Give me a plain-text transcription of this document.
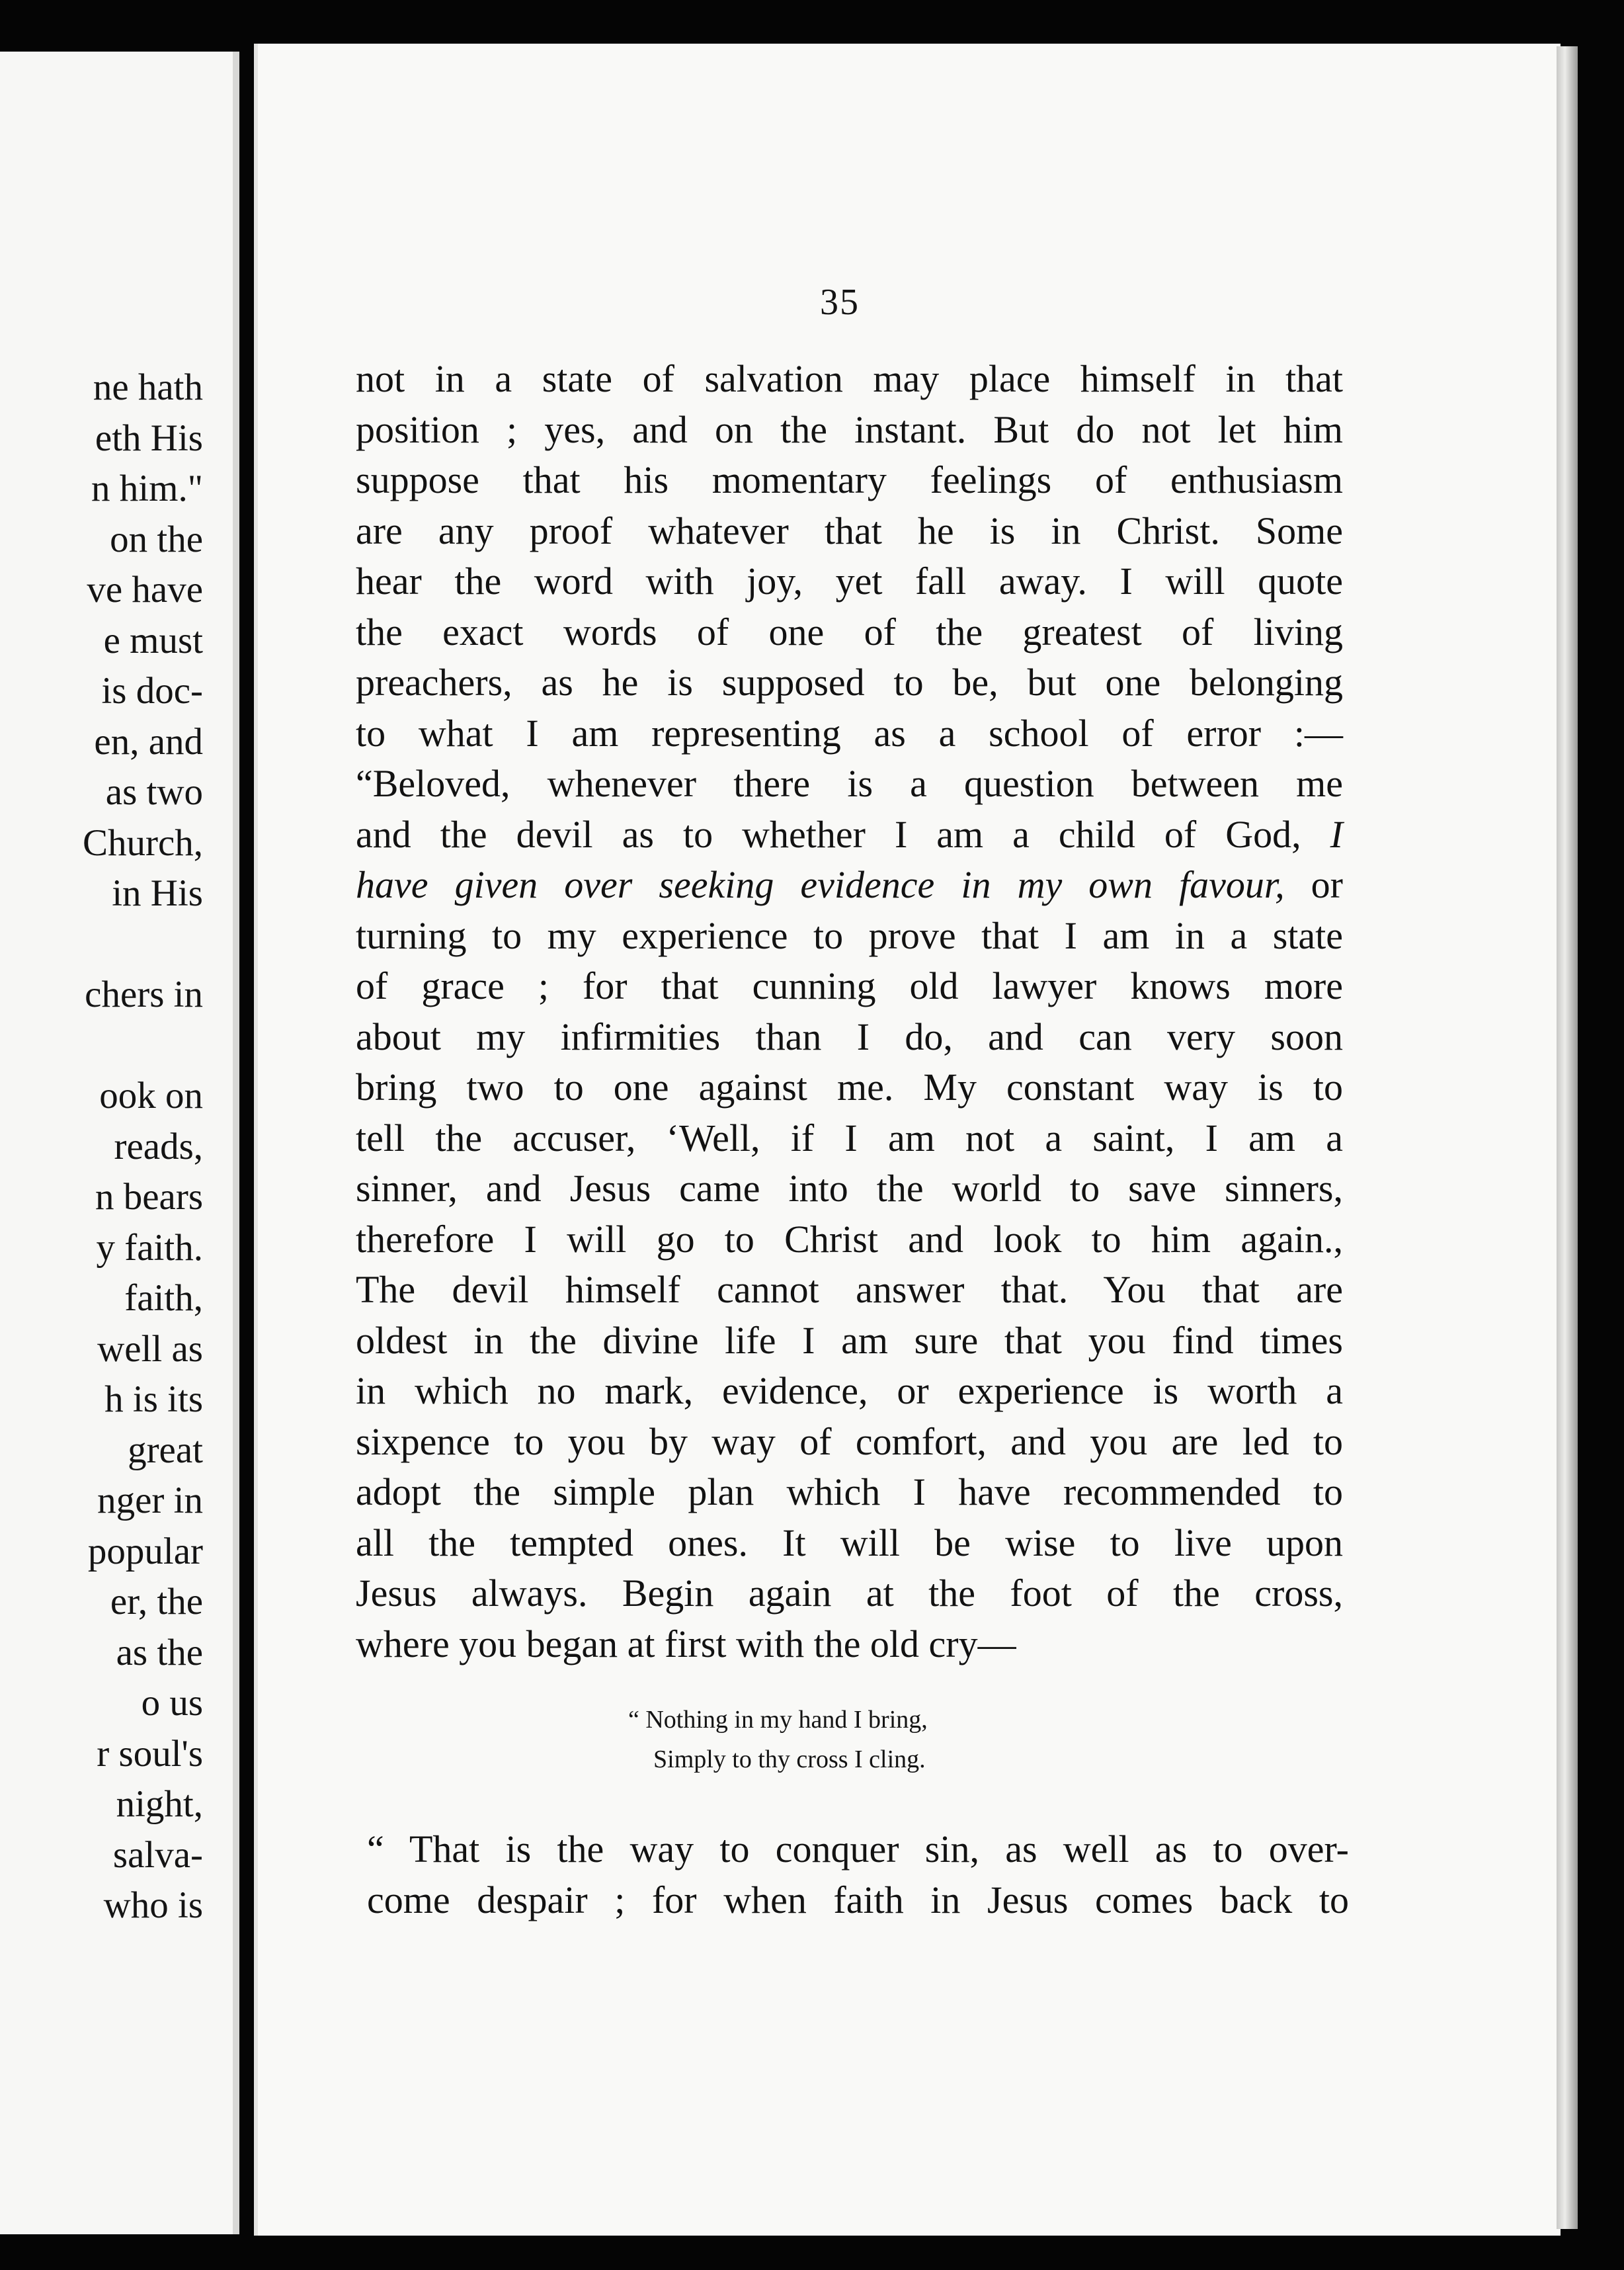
ne hath
eth His
n him."
on the
ve have
e must
is doc-
en, and
as two
Church,
in His
chers in
ook on
reads,
n bears
y faith.
faith,
well as
h is its
great
nger in
popular
er, the
as the
o us
r soul's
night,
salva-
who is
35
not in a state of salvation may place himself in that
position ; yes, and on the instant. But do not let him
suppose that his momentary feelings of enthusiasm
are any proof whatever that he is in Christ. Some
hear the word with joy, yet fall away. I will quote
the exact words of one of the greatest of living
preachers, as he is supposed to be, but one belonging
to what I am representing as a school of error :—
“Beloved, whenever there is a question between me
and the devil as to whether I am a child of God, I
have given over seeking evidence in my own favour, or
turning to my experience to prove that I am in a state
of grace ; for that cunning old lawyer knows more
about my infirmities than I do, and can very soon
bring two to one against me. My constant way is to
tell the accuser, ‘Well, if I am not a saint, I am a
sinner, and Jesus came into the world to save sinners,
therefore I will go to Christ and look to him again.,
The devil himself cannot answer that. You that are
oldest in the divine life I am sure that you find times
in which no mark, evidence, or experience is worth a
sixpence to you by way of comfort, and you are led to
adopt the simple plan which I have recommended to
all the tempted ones. It will be wise to live upon
Jesus always. Begin again at the foot of the cross,
where you began at first with the old cry—
“ Nothing in my hand I bring,
Simply to thy cross I cling.
“ That is the way to conquer sin, as well as to over-
come despair ; for when faith in Jesus comes back to
